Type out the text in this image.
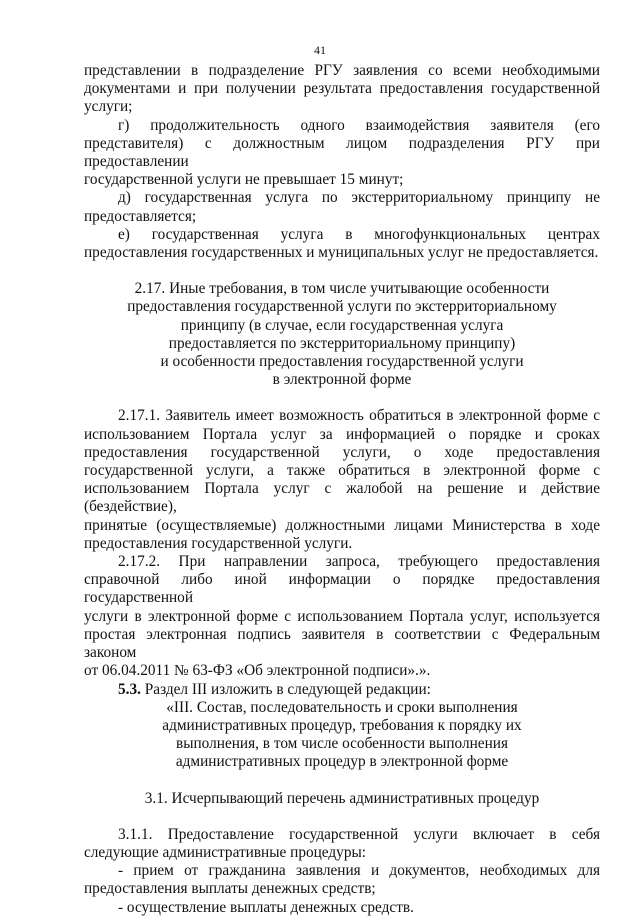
41

представлении в подразделение РГУ заявления со всеми необходимыми

документами и при получении результата предоставления государственной

услуги;

г) продолжительность одного взаимодействия заявителя (его

представителя) с должностным лицом подразделения РГУ при предоставлении

государственной услуги не превышает 15 минут;

д) государственная услуга по экстерриториальному принципу не

предоставляется;

е) государственная услуга в многофункциональных центрах

предоставления государственных и муниципальных услуг не предоставляется.

2.17. Иные требования, в том числе учитывающие особенности

предоставления государственной услуги по экстерриториальному

принципу (в случае, если государственная услуга

предоставляется по экстерриториальному принципу)

и особенности предоставления государственной услуги

в электронной форме

2.17.1. Заявитель имеет возможность обратиться в электронной форме с

использованием Портала услуг за информацией о порядке и сроках

предоставления государственной услуги, о ходе предоставления

государственной услуги, а также обратиться в электронной форме с

использованием Портала услуг с жалобой на решение и действие (бездействие),

принятые (осуществляемые) должностными лицами Министерства в ходе

предоставления государственной услуги.

2.17.2. При направлении запроса, требующего предоставления

справочной либо иной информации о порядке предоставления государственной

услуги в электронной форме с использованием Портала услуг, используется

простая электронная подпись заявителя в соответствии с Федеральным законом

от 06.04.2011 № 63-ФЗ «Об электронной подписи».».

5.3. Раздел III изложить в следующей редакции:

«III. Состав, последовательность и сроки выполнения

административных процедур, требования к порядку их

выполнения, в том числе особенности выполнения

административных процедур в электронной форме

3.1. Исчерпывающий перечень административных процедур

3.1.1. Предоставление государственной услуги включает в себя

следующие административные процедуры:

- прием от гражданина заявления и документов, необходимых для

предоставления выплаты денежных средств;

- осуществление выплаты денежных средств.
